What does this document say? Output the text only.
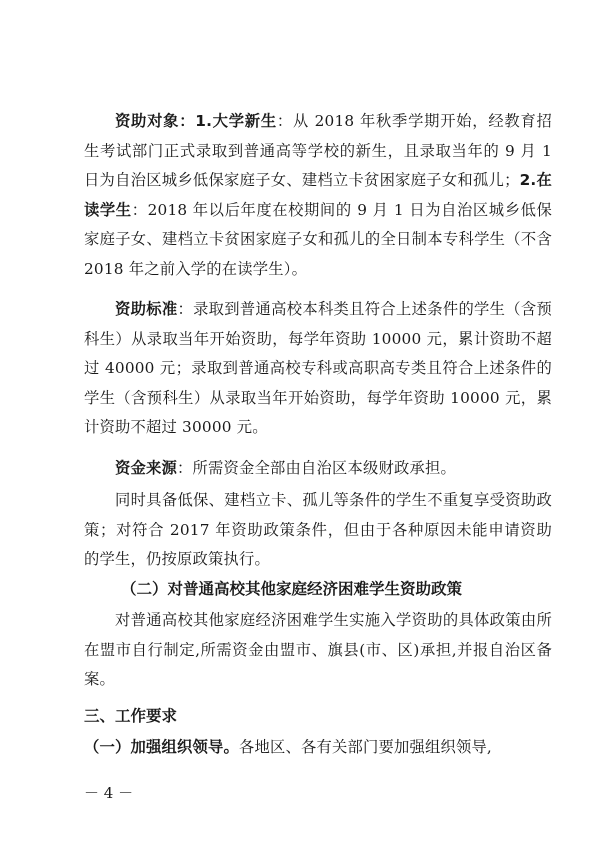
资助对象：1.大学新生：从 2018 年秋季学期开始，经教育招生考试部门正式录取到普通高等学校的新生，且录取当年的 9 月 1 日为自治区城乡低保家庭子女、建档立卡贫困家庭子女和孤儿；2.在读学生：2018 年以后年度在校期间的 9 月 1 日为自治区城乡低保家庭子女、建档立卡贫困家庭子女和孤儿的全日制本专科学生（不含 2018 年之前入学的在读学生）。

资助标准：录取到普通高校本科类且符合上述条件的学生（含预科生）从录取当年开始资助，每学年资助 10000 元，累计资助不超过 40000 元；录取到普通高校专科或高职高专类且符合上述条件的学生（含预科生）从录取当年开始资助，每学年资助 10000 元，累计资助不超过 30000 元。

资金来源：所需资金全部由自治区本级财政承担。

同时具备低保、建档立卡、孤儿等条件的学生不重复享受资助政策；对符合 2017 年资助政策条件，但由于各种原因未能申请资助的学生，仍按原政策执行。

（二）对普通高校其他家庭经济困难学生资助政策

对普通高校其他家庭经济困难学生实施入学资助的具体政策由所在盟市自行制定,所需资金由盟市、旗县(市、区)承担,并报自治区备案。

三、工作要求

（一）加强组织领导。各地区、各有关部门要加强组织领导,

－ 4 －
